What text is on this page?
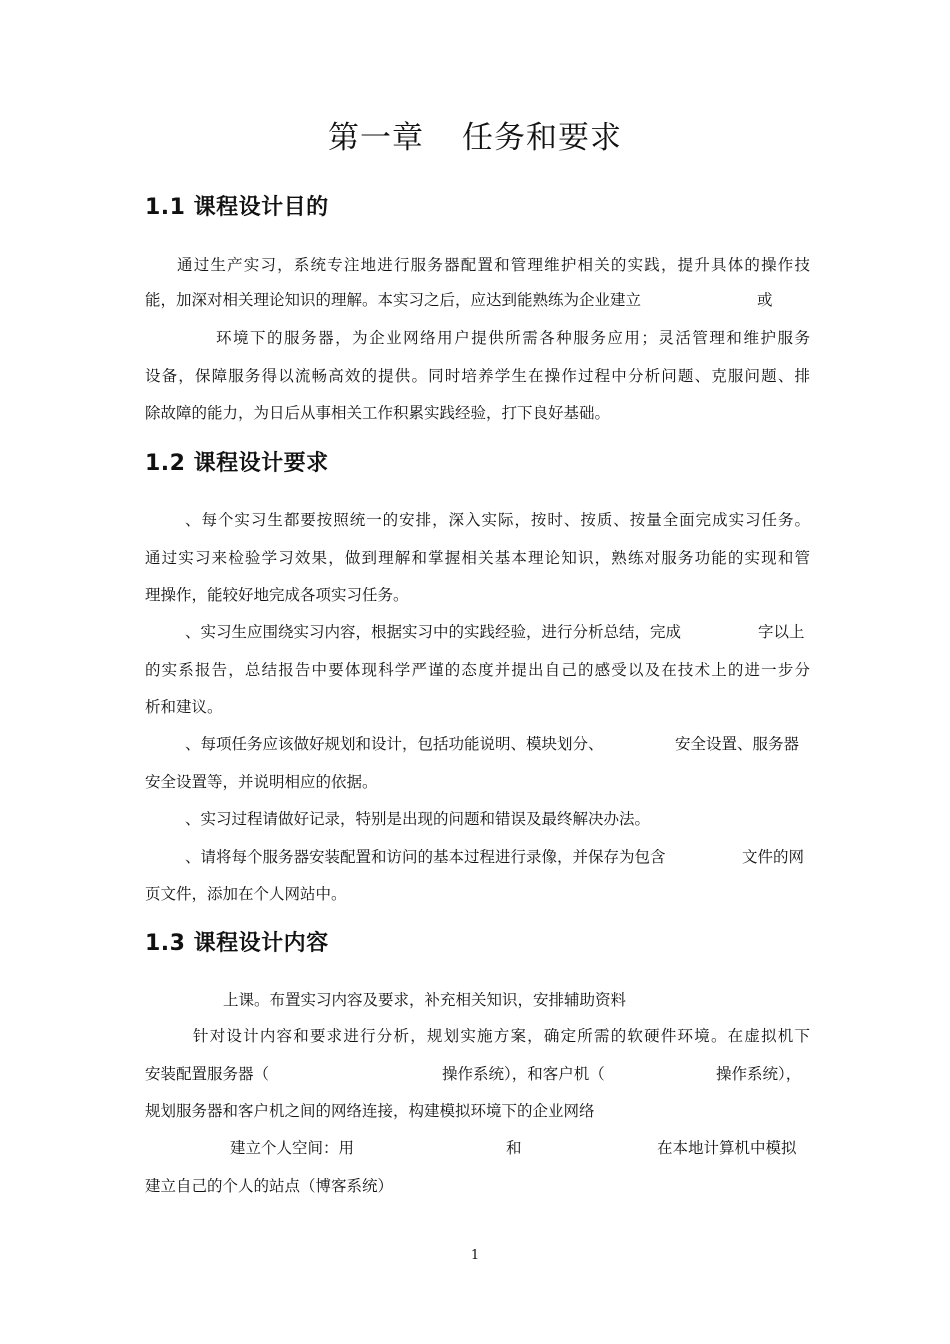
第一章 任务和要求
1.1 课程设计目的

通过生产实习，系统专注地进行服务器配置和管理维护相关的实践，提升具体的操作技

能，加深对相关理论知识的理解。本实习之后，应达到能熟练为企业建立	或

环境下的服务器，为企业网络用户提供所需各种服务应用；灵活管理和维护服务

设备，保障服务得以流畅高效的提供。同时培养学生在操作过程中分析问题、克服问题、排

除故障的能力，为日后从事相关工作积累实践经验，打下良好基础。

1.2 课程设计要求

、每个实习生都要按照统一的安排，深入实际，按时、按质、按量全面完成实习任务。

通过实习来检验学习效果，做到理解和掌握相关基本理论知识，熟练对服务功能的实现和管

理操作，能较好地完成各项实习任务。

、实习生应围绕实习内容，根据实习中的实践经验，进行分析总结，完成	字以上

的实系报告，总结报告中要体现科学严谨的态度并提出自己的感受以及在技术上的进一步分

析和建议。

、每项任务应该做好规划和设计，包括功能说明、模块划分、	安全设置、服务器

安全设置等，并说明相应的依据。

、实习过程请做好记录，特别是出现的问题和错误及最终解决办法。

、请将每个服务器安装配置和访问的基本过程进行录像，并保存为包含	文件的网

页文件，添加在个人网站中。

1.3 课程设计内容

上课。布置实习内容及要求，补充相关知识，安排辅助资料

针对设计内容和要求进行分析，规划实施方案，确定所需的软硬件环境。在虚拟机下

安装配置服务器（	操作系统），和客户机（	操作系统），

规划服务器和客户机之间的网络连接，构建模拟环境下的企业网络

建立个人空间：用	和	在本地计算机中模拟

建立自己的个人的站点（博客系统）

1
